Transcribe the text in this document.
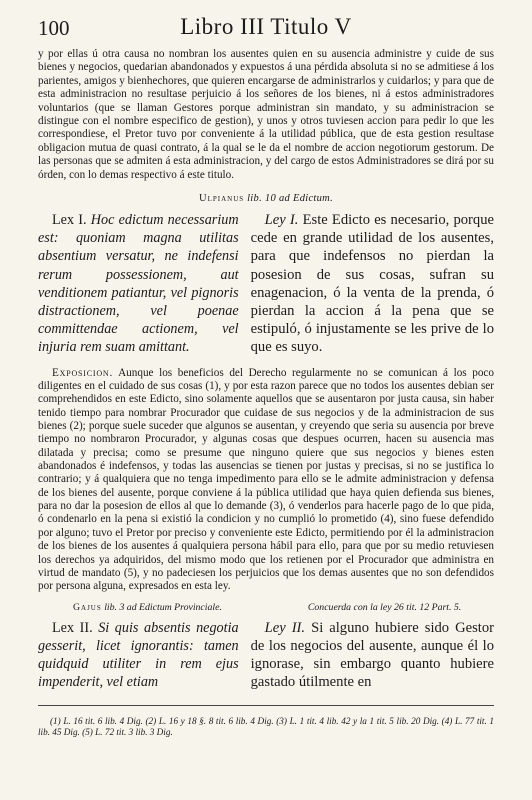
100	Libro III Titulo V

y por ellas ú otra causa no nombran los ausentes quien en su ausencia administre y cuide de sus bienes y negocios, quedarian abandonados y expuestos á una pérdida absoluta si no se admitiese á los parientes, amigos y bienhechores, que quieren encargarse de administrarlos y cuidarlos; y para que de esta administracion no resultase perjuicio á los señores de los bienes, ni á estos administradores voluntarios (que se llaman Gestores porque administran sin mandato, y su administracion se distingue con el nombre especifico de gestion), y unos y otros tuviesen accion para pedir lo que les correspondiese, el Pretor tuvo por conveniente á la utilidad pública, que de esta gestion resultase obligacion mutua de quasi contrato, á la qual se le da el nombre de accion negotiorum gestorum. De las personas que se admiten á esta administracion, y del cargo de estos Administradores se dirá por su órden, con lo demas respectivo á este titulo.

Ulpianus lib. 10 ad Edictum.
Lex I. Hoc edictum necessarium est: quoniam magna utilitas absentium versatur, ne indefensi rerum possessionem, aut venditionem patiantur, vel pignoris distractionem, vel poenae committendae actionem, vel injuria rem suam amittant.
Ley I. Este Edicto es necesario, porque cede en grande utilidad de los ausentes, para que indefensos no pierdan la posesion de sus cosas, sufran su enagenacion, ó la venta de la prenda, ó pierdan la accion á la pena que se estipuló, ó injustamente se les prive de lo que es suyo.

Exposicion. Aunque los beneficios del Derecho regularmente no se comunican á los poco diligentes en el cuidado de sus cosas (1), y por esta razon parece que no todos los ausentes debian ser comprehendidos en este Edicto, sino solamente aquellos que se ausentaron por justa causa, sin haber tenido tiempo para nombrar Procurador que cuidase de sus negocios y de la administracion de sus bienes (2); porque suele suceder que algunos se ausentan, y creyendo que seria su ausencia por breve tiempo no nombraron Procurador, y algunas cosas que despues ocurren, hacen su ausencia mas dilatada y precisa; como se presume que ninguno quiere que sus negocios y bienes esten abandonados é indefensos, y todas las ausencias se tienen por justas y precisas, si no se justifica lo contrario; y á qualquiera que no tenga impedimento para ello se le admite administracion y defensa de los bienes del ausente, porque conviene á la pública utilidad que haya quien defienda sus bienes, para no dar la posesion de ellos al que lo demande (3), ó venderlos para hacerle pago de lo que pida, ó condenarlo en la pena si existió la condicion y no cumplió lo prometido (4), sino fuese defendido por alguno; tuvo el Pretor por preciso y conveniente este Edicto, permitiendo por él la administracion de los bienes de los ausentes á qualquiera persona hábil para ello, para que por su medio retuviesen los derechos ya adquiridos, del mismo modo que los retienen por el Procurador que administra en virtud de mandato (5), y no padeciesen los perjuicios que los demas ausentes que no son defendidos por persona alguna, expresados en esta ley.

Gajus lib. 3 ad Edictum Provinciale.	Concuerda con la ley 26 tit. 12 Part. 5.
Lex II. Si quis absentis negotia gesserit, licet ignorantis: tamen quidquid utiliter in rem ejus impenderit, vel etiam
Ley II. Si alguno hubiere sido Gestor de los negocios del ausente, aunque él lo ignorase, sin embargo quanto hubiere gastado útilmente en

(1) L. 16 tit. 6 lib. 4 Dig. (2) L. 16 y 18 §. 8 tit. 6 lib. 4 Dig. (3) L. 1 tit. 4 lib. 42 y la 1 tit. 5 lib. 20 Dig. (4) L. 77 tit. 1 lib. 45 Dig. (5) L. 72 tit. 3 lib. 3 Dig.
